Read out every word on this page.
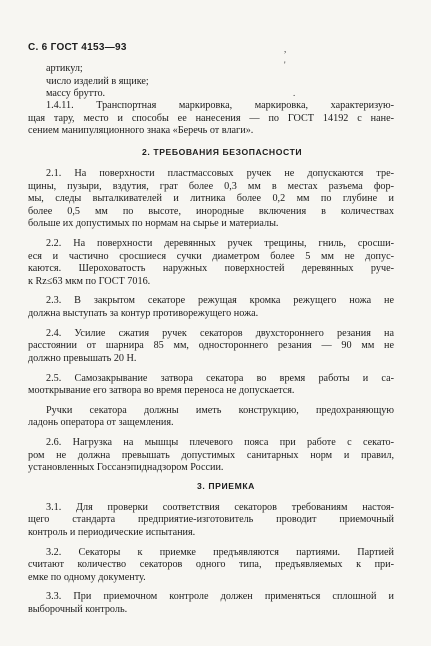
С. 6 ГОСТ 4153—93	,
'
.
артикул;
число изделий в ящике;
массу брутто.
1.4.11. Транспортная маркировка, маркировка, характеризую-
щая тару, место и способы ее нанесения — по ГОСТ 14192 с нане-
сением манипуляционного знака «Беречь от влаги».
2.1. На поверхности пластмассовых ручек не допускаются тре-
щины, пузыри, вздутия, грат более 0,3 мм в местах разъема фор-
мы, следы выталкивателей и литника более 0,2 мм по глубине и
более 0,5 мм по высоте, инородные включения в количествах
больше их допустимых по нормам на сырье и материалы.
2.2. На поверхности деревянных ручек трещины, гниль, сросши-
еся и частично сросшиеся сучки диаметром более 5 мм не допус-
каются. Шероховатость наружных поверхностей деревянных руче-
к Rz≤63 мкм по ГОСТ 7016.
2.3. В закрытом секаторе режущая кромка режущего ножа не
должна выступать за контур противорежущего ножа.
2.4. Усилие сжатия ручек секаторов двухстороннего резания на
расстоянии от шарнира 85 мм, одностороннего резания — 90 мм не
должно превышать 20 Н.
2.5. Самозакрывание затвора секатора во время работы и са-
мооткрывание его затвора во время переноса не допускается.
Ручки секатора должны иметь конструкцию, предохраняющую
ладонь оператора от защемления.
2.6. Нагрузка на мышцы плечевого пояса при работе с секато-
ром не должна превышать допустимых санитарных норм и правил,
установленных Госсанэпиднадзором России.
3.1. Для проверки соответствия секаторов требованиям настоя-
щего стандарта предприятие-изготовитель проводит приемочный
контроль и периодические испытания.
3.2. Секаторы к приемке предъявляются партиями. Партией
считают количество секаторов одного типа, предъявляемых к при-
емке по одному документу.
3.3. При приемочном контроле должен применяться сплошной и
выборочный контроль.
2. ТРЕБОВАНИЯ БЕЗОПАСНОСТИ
3. ПРИЕМКА
